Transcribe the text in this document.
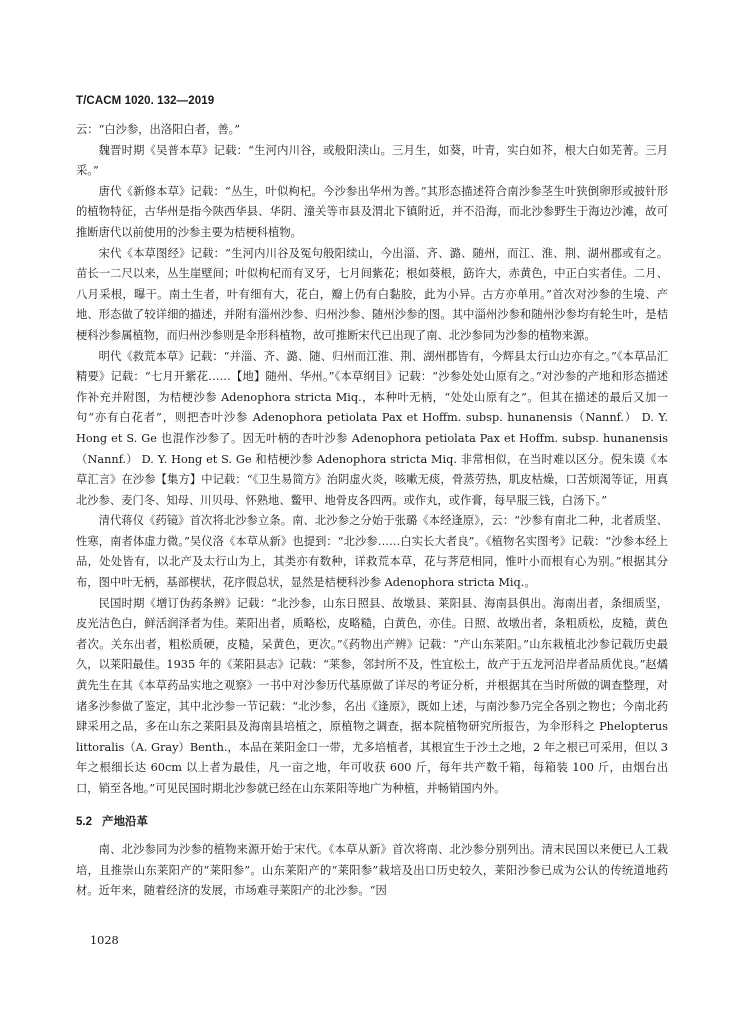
T/CACM 1020. 132—2019

云：“白沙参，出洛阳白者，善。”

魏晋时期《吴普本草》记载：“生河内川谷，或般阳渎山。三月生，如葵，叶青，实白如芥，根大白如芜菁。三月采。”

唐代《新修本草》记载：“丛生，叶似枸杞。今沙参出华州为善。”其形态描述符合南沙参茎生叶狭倒卵形或披针形的植物特征，古华州是指今陕西华县、华阴、潼关等市县及渭北下镇附近，并不沿海，而北沙参野生于海边沙滩，故可推断唐代以前使用的沙参主要为桔梗科植物。

宋代《本草图经》记载：“生河内川谷及冤句般阳续山，今出淄、齐、潞、随州，而江、淮、荆、湖州郡或有之。苗长一二尺以来，丛生崖壁间；叶似枸杞而有叉牙，七月间紫花；根如葵根，筯许大，赤黄色，中正白实者佳。二月、八月采根，曝干。南土生者，叶有细有大，花白，瓣上仍有白黏胶，此为小异。古方亦单用。”首次对沙参的生境、产地、形态做了较详细的描述，并附有淄州沙参、归州沙参、随州沙参的图。其中淄州沙参和随州沙参均有轮生叶，是桔梗科沙参属植物，而归州沙参则是伞形科植物，故可推断宋代已出现了南、北沙参同为沙参的植物来源。

明代《救荒本草》记载：“并淄、齐、潞、随、归州而江淮、荆、湖州郡皆有，今辉县太行山边亦有之。”《本草品汇精要》记载：“七月开紫花……【地】随州、华州。”《本草纲目》记载：“沙参处处山原有之。”对沙参的产地和形态描述作补充并附图，为桔梗沙参 Adenophora stricta Miq.，本种叶无柄，“处处山原有之”。但其在描述的最后又加一句“亦有白花者”，则把杏叶沙参 Adenophora petiolata Pax et Hoffm. subsp. hunanensis（Nannf.） D. Y. Hong et S. Ge 也混作沙参了。因无叶柄的杏叶沙参 Adenophora petiolata Pax et Hoffm. subsp. hunanensis（Nannf.） D. Y. Hong et S. Ge 和桔梗沙参 Adenophora stricta Miq. 非常相似，在当时难以区分。倪朱谟《本草汇言》在沙参【集方】中记载：“《卫生易简方》治阴虚火炎，咳嗽无痰，骨蒸劳热，肌皮枯燥，口苦烦渴等证，用真北沙参、麦门冬、知母、川贝母、怀熟地、鳖甲、地骨皮各四两。或作丸，或作膏，每早服三钱，白汤下。”

清代蒋仪《药镜》首次将北沙参立条。南、北沙参之分始于张璐《本经逢原》，云：“沙参有南北二种，北者质坚、性寒，南者体虚力微。”吴仪洛《本草从新》也提到：“北沙参……白实长大者良”。《植物名实图考》记载：“沙参本经上品，处处皆有，以北产及太行山为上，其类亦有数种，详救荒本草，花与荠苨相同，惟叶小而根有心为别。”根据其分布，图中叶无柄，基部楔状，花序假总状，显然是桔梗科沙参 Adenophora stricta Miq.。

民国时期《增订伪药条辨》记载：“北沙参，山东日照县、故墩县、莱阳县、海南县俱出。海南出者，条细质坚，皮光洁色白，鲜活润泽者为佳。莱阳出者，质略松，皮略糙，白黄色，亦佳。日照、故墩出者，条粗质松，皮糙，黄色者次。关东出者，粗松质硬，皮糙，呆黄色，更次。”《药物出产辨》记载：“产山东莱阳。”山东栽植北沙参记载历史最久，以莱阳最佳。1935 年的《莱阳县志》记载：“莱参，邻封所不及，性宜松土，故产于五龙河沿岸者品质优良。”赵燏黄先生在其《本草药品实地之观察》一书中对沙参历代基原做了详尽的考证分析，并根据其在当时所做的调查整理，对诸多沙参做了鉴定，其中北沙参一节记载：“北沙参，名出《逢原》，既如上述，与南沙参乃完全各别之物也；今南北药肆采用之品，多在山东之莱阳县及海南县培植之，原植物之调查，据本院植物研究所报告，为伞形科之 Phelopterus littoralis（A. Gray）Benth.，本品在莱阳金口一带，尤多培植者，其根宜生于沙土之地，2 年之根已可采用，但以 3 年之根细长达 60cm 以上者为最佳，凡一亩之地，年可收获 600 斤，每年共产数千箱，每箱装 100 斤，由烟台出口，销至各地。”可见民国时期北沙参就已经在山东莱阳等地广为种植，并畅销国内外。

5.2 产地沿革

南、北沙参同为沙参的植物来源开始于宋代。《本草从新》首次将南、北沙参分别列出。清末民国以来便已人工栽培，且推崇山东莱阳产的“莱阳参”。山东莱阳产的“莱阳参”栽培及出口历史较久，莱阳沙参已成为公认的传统道地药材。近年来，随着经济的发展，市场难寻莱阳产的北沙参。“因

1028
